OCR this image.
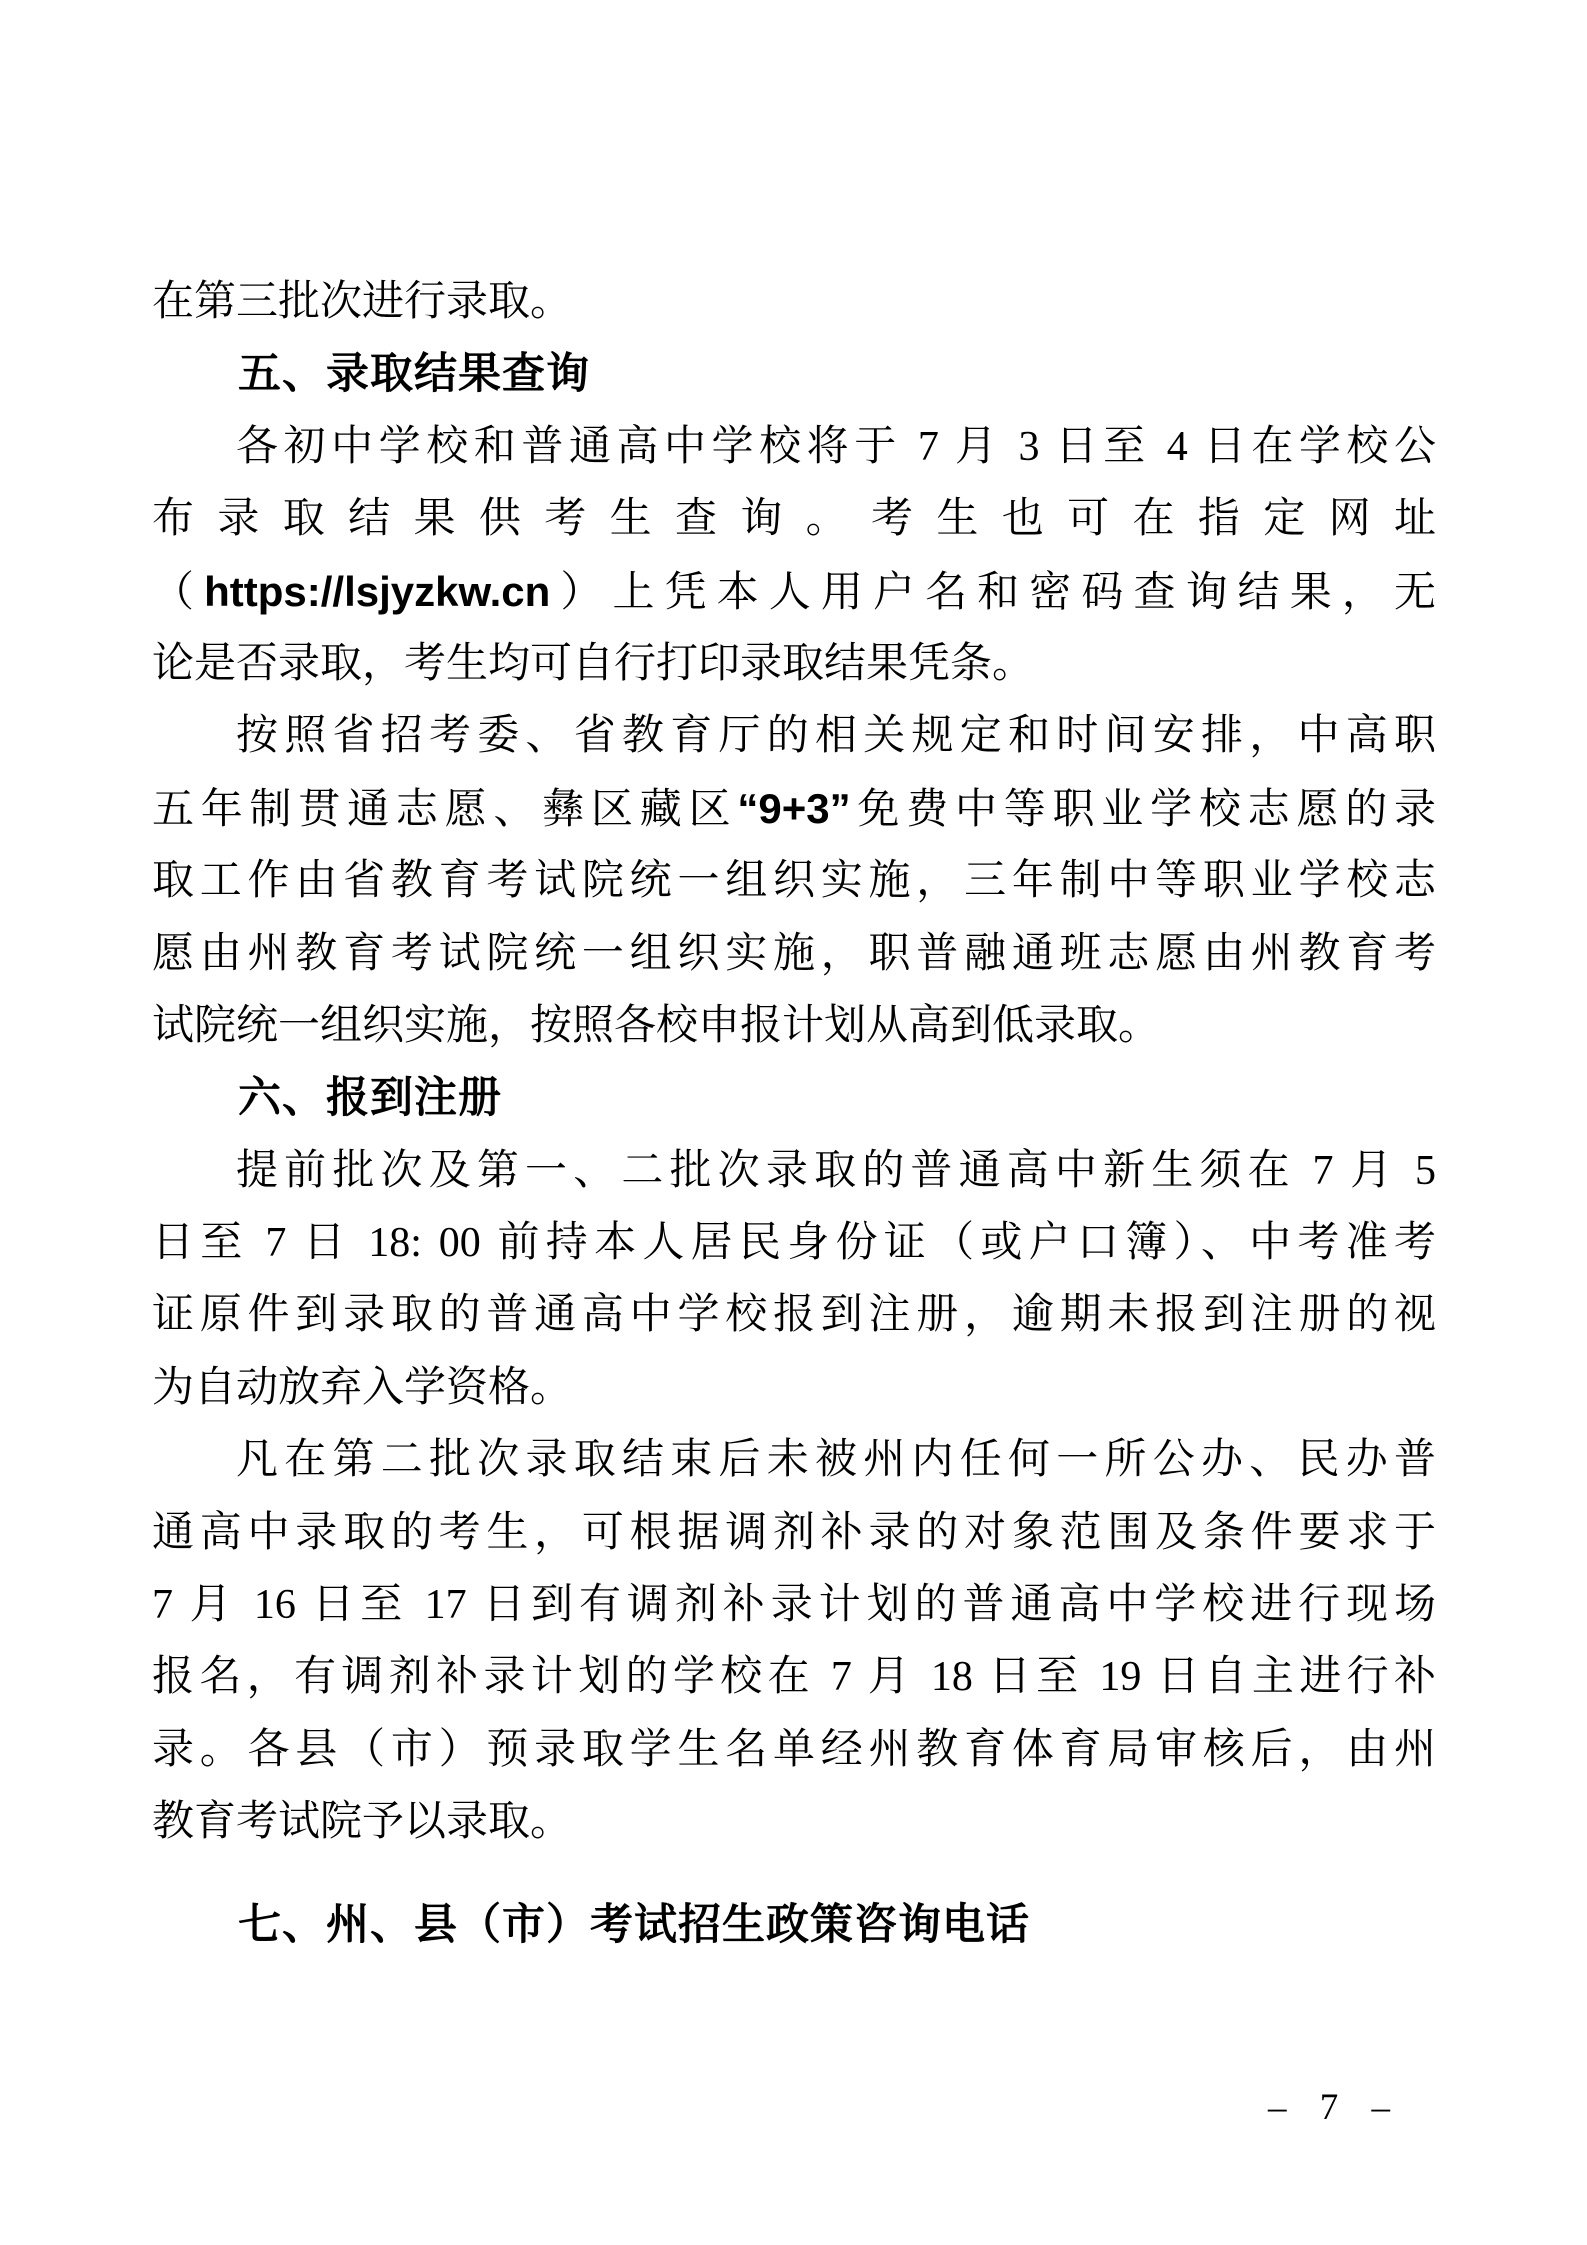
在第三批次进行录取。
五、录取结果查询
各初中学校和普通高中学校将于 7 月 3 日至 4 日在学校公
布录取结果供考生查询。考生也可在指定网址
（https://lsjyzkw.cn）上凭本人用户名和密码查询结果，无
论是否录取，考生均可自行打印录取结果凭条。
按照省招考委、省教育厅的相关规定和时间安排，中高职
五年制贯通志愿、彝区藏区“9+3”免费中等职业学校志愿的录
取工作由省教育考试院统一组织实施，三年制中等职业学校志
愿由州教育考试院统一组织实施，职普融通班志愿由州教育考
试院统一组织实施，按照各校申报计划从高到低录取。
六、报到注册
提前批次及第一、二批次录取的普通高中新生须在 7 月 5
日至 7 日 18: 00 前持本人居民身份证（或户口簿）、中考准考
证原件到录取的普通高中学校报到注册，逾期未报到注册的视
为自动放弃入学资格。
凡在第二批次录取结束后未被州内任何一所公办、民办普
通高中录取的考生，可根据调剂补录的对象范围及条件要求于
7 月 16 日至 17 日到有调剂补录计划的普通高中学校进行现场
报名，有调剂补录计划的学校在 7 月 18 日至 19 日自主进行补
录。各县（市）预录取学生名单经州教育体育局审核后，由州
教育考试院予以录取。
七、州、县（市）考试招生政策咨询电话
– 7 –
